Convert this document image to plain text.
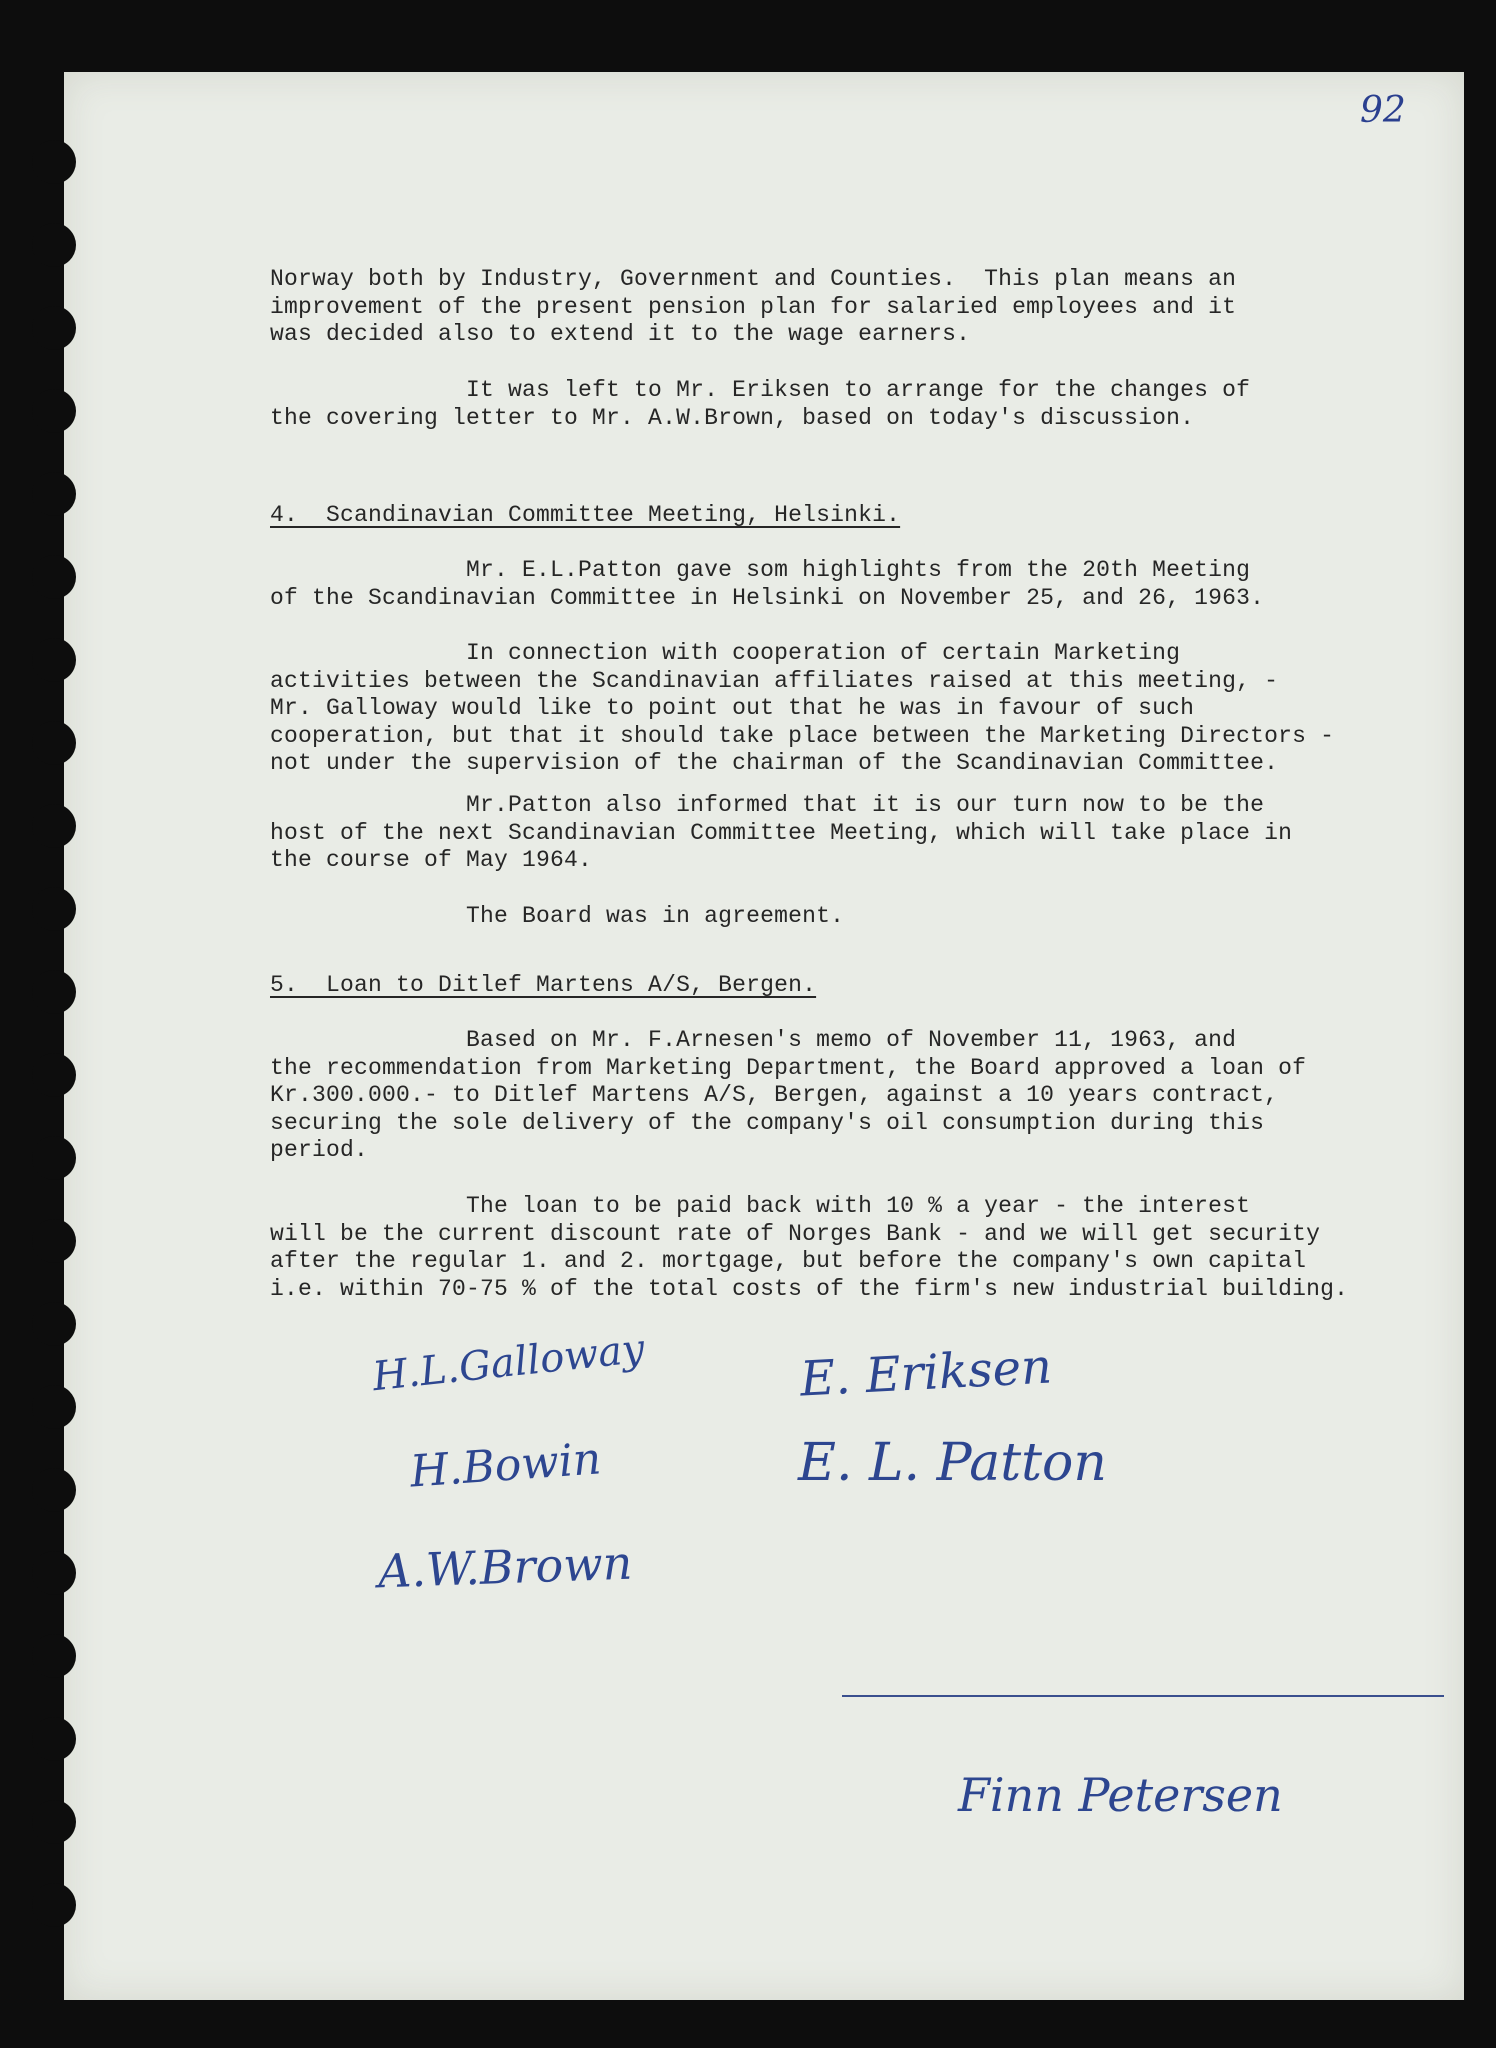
92
Norway both by Industry, Government and Counties.  This plan means an
improvement of the present pension plan for salaried employees and it
was decided also to extend it to the wage earners.
It was left to Mr. Eriksen to arrange for the changes of
the covering letter to Mr. A.W.Brown, based on today's discussion.
4.  Scandinavian Committee Meeting, Helsinki.
Mr. E.L.Patton gave som highlights from the 20th Meeting
of the Scandinavian Committee in Helsinki on November 25, and 26, 1963.
In connection with cooperation of certain Marketing
activities between the Scandinavian affiliates raised at this meeting, -
Mr. Galloway would like to point out that he was in favour of such
cooperation, but that it should take place between the Marketing Directors -
not under the supervision of the chairman of the Scandinavian Committee.
Mr.Patton also informed that it is our turn now to be the
host of the next Scandinavian Committee Meeting, which will take place in
the course of May 1964.
The Board was in agreement.
5.  Loan to Ditlef Martens A/S, Bergen.
Based on Mr. F.Arnesen's memo of November 11, 1963, and
the recommendation from Marketing Department, the Board approved a loan of
Kr.300.000.- to Ditlef Martens A/S, Bergen, against a 10 years contract,
securing the sole delivery of the company's oil consumption during this
period.
The loan to be paid back with 10 % a year - the interest
will be the current discount rate of Norges Bank - and we will get security
after the regular 1. and 2. mortgage, but before the company's own capital
i.e. within 70-75 % of the total costs of the firm's new industrial building.
H.L.Galloway	E. Eriksen
H.Bowin	E. L. Patton
A.W.Brown
Finn Petersen
